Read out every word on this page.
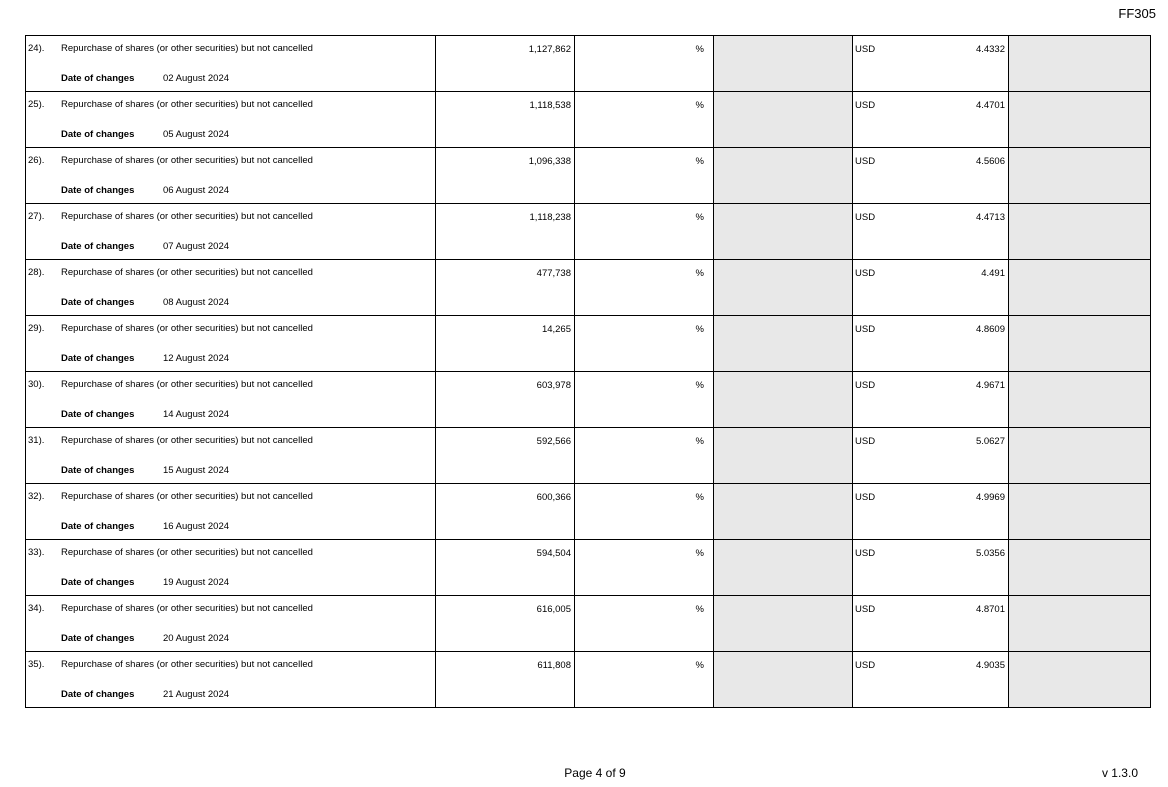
FF305
24). Repurchase of shares (or other securities) but not cancelled
Date of changes 02 August 2024	1,127,862	%		USD 4.4332	

25). Repurchase of shares (or other securities) but not cancelled
Date of changes 05 August 2024	1,118,538	%		USD 4.4701	

26). Repurchase of shares (or other securities) but not cancelled
Date of changes 06 August 2024	1,096,338	%		USD 4.5606	

27). Repurchase of shares (or other securities) but not cancelled
Date of changes 07 August 2024	1,118,238	%		USD 4.4713	

28). Repurchase of shares (or other securities) but not cancelled
Date of changes 08 August 2024	477,738	%		USD 4.491	

29). Repurchase of shares (or other securities) but not cancelled
Date of changes 12 August 2024	14,265	%		USD 4.8609	

30). Repurchase of shares (or other securities) but not cancelled
Date of changes 14 August 2024	603,978	%		USD 4.9671	

31). Repurchase of shares (or other securities) but not cancelled
Date of changes 15 August 2024	592,566	%		USD 5.0627	

32). Repurchase of shares (or other securities) but not cancelled
Date of changes 16 August 2024	600,366	%		USD 4.9969	

33). Repurchase of shares (or other securities) but not cancelled
Date of changes 19 August 2024	594,504	%		USD 5.0356	

34). Repurchase of shares (or other securities) but not cancelled
Date of changes 20 August 2024	616,005	%		USD 4.8701	

35). Repurchase of shares (or other securities) but not cancelled
Date of changes 21 August 2024	611,808	%		USD 4.9035	

Page 4 of 9	v 1.3.0
